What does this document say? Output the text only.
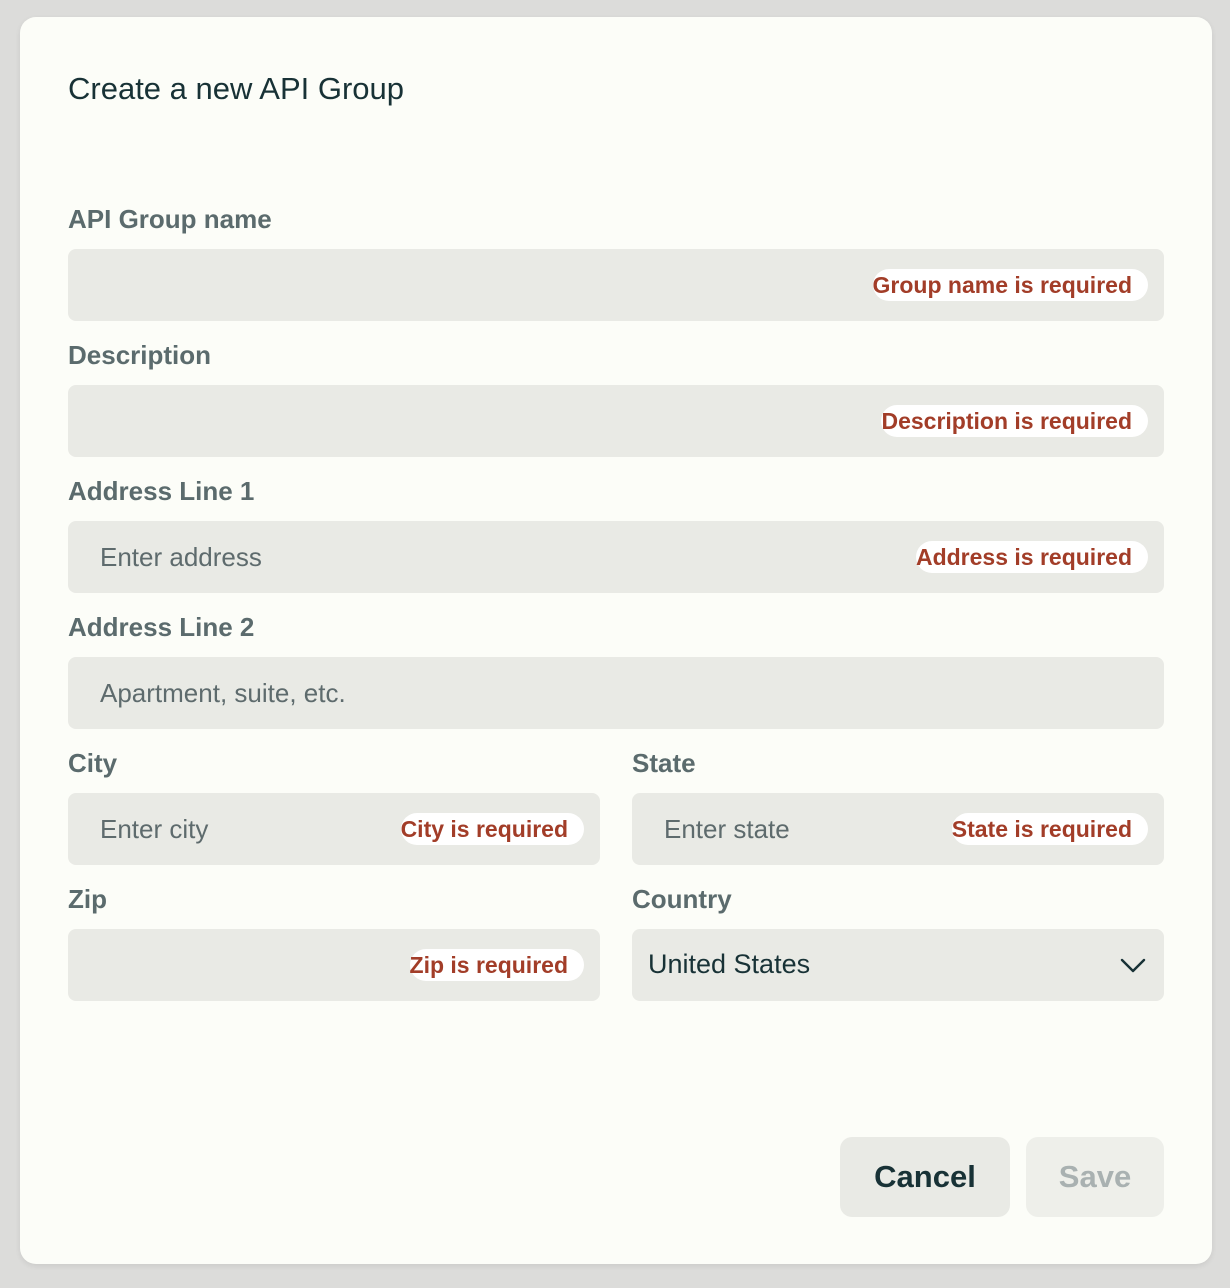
Create a new API Group
API Group name
Group name is required
Description
Description is required
Address Line 1
Enter address	Address is required
Address Line 2
Apartment, suite, etc.
City
Enter city	City is required
State
Enter state	State is required
Zip
Zip is required
Country
United States
Cancel	Save
